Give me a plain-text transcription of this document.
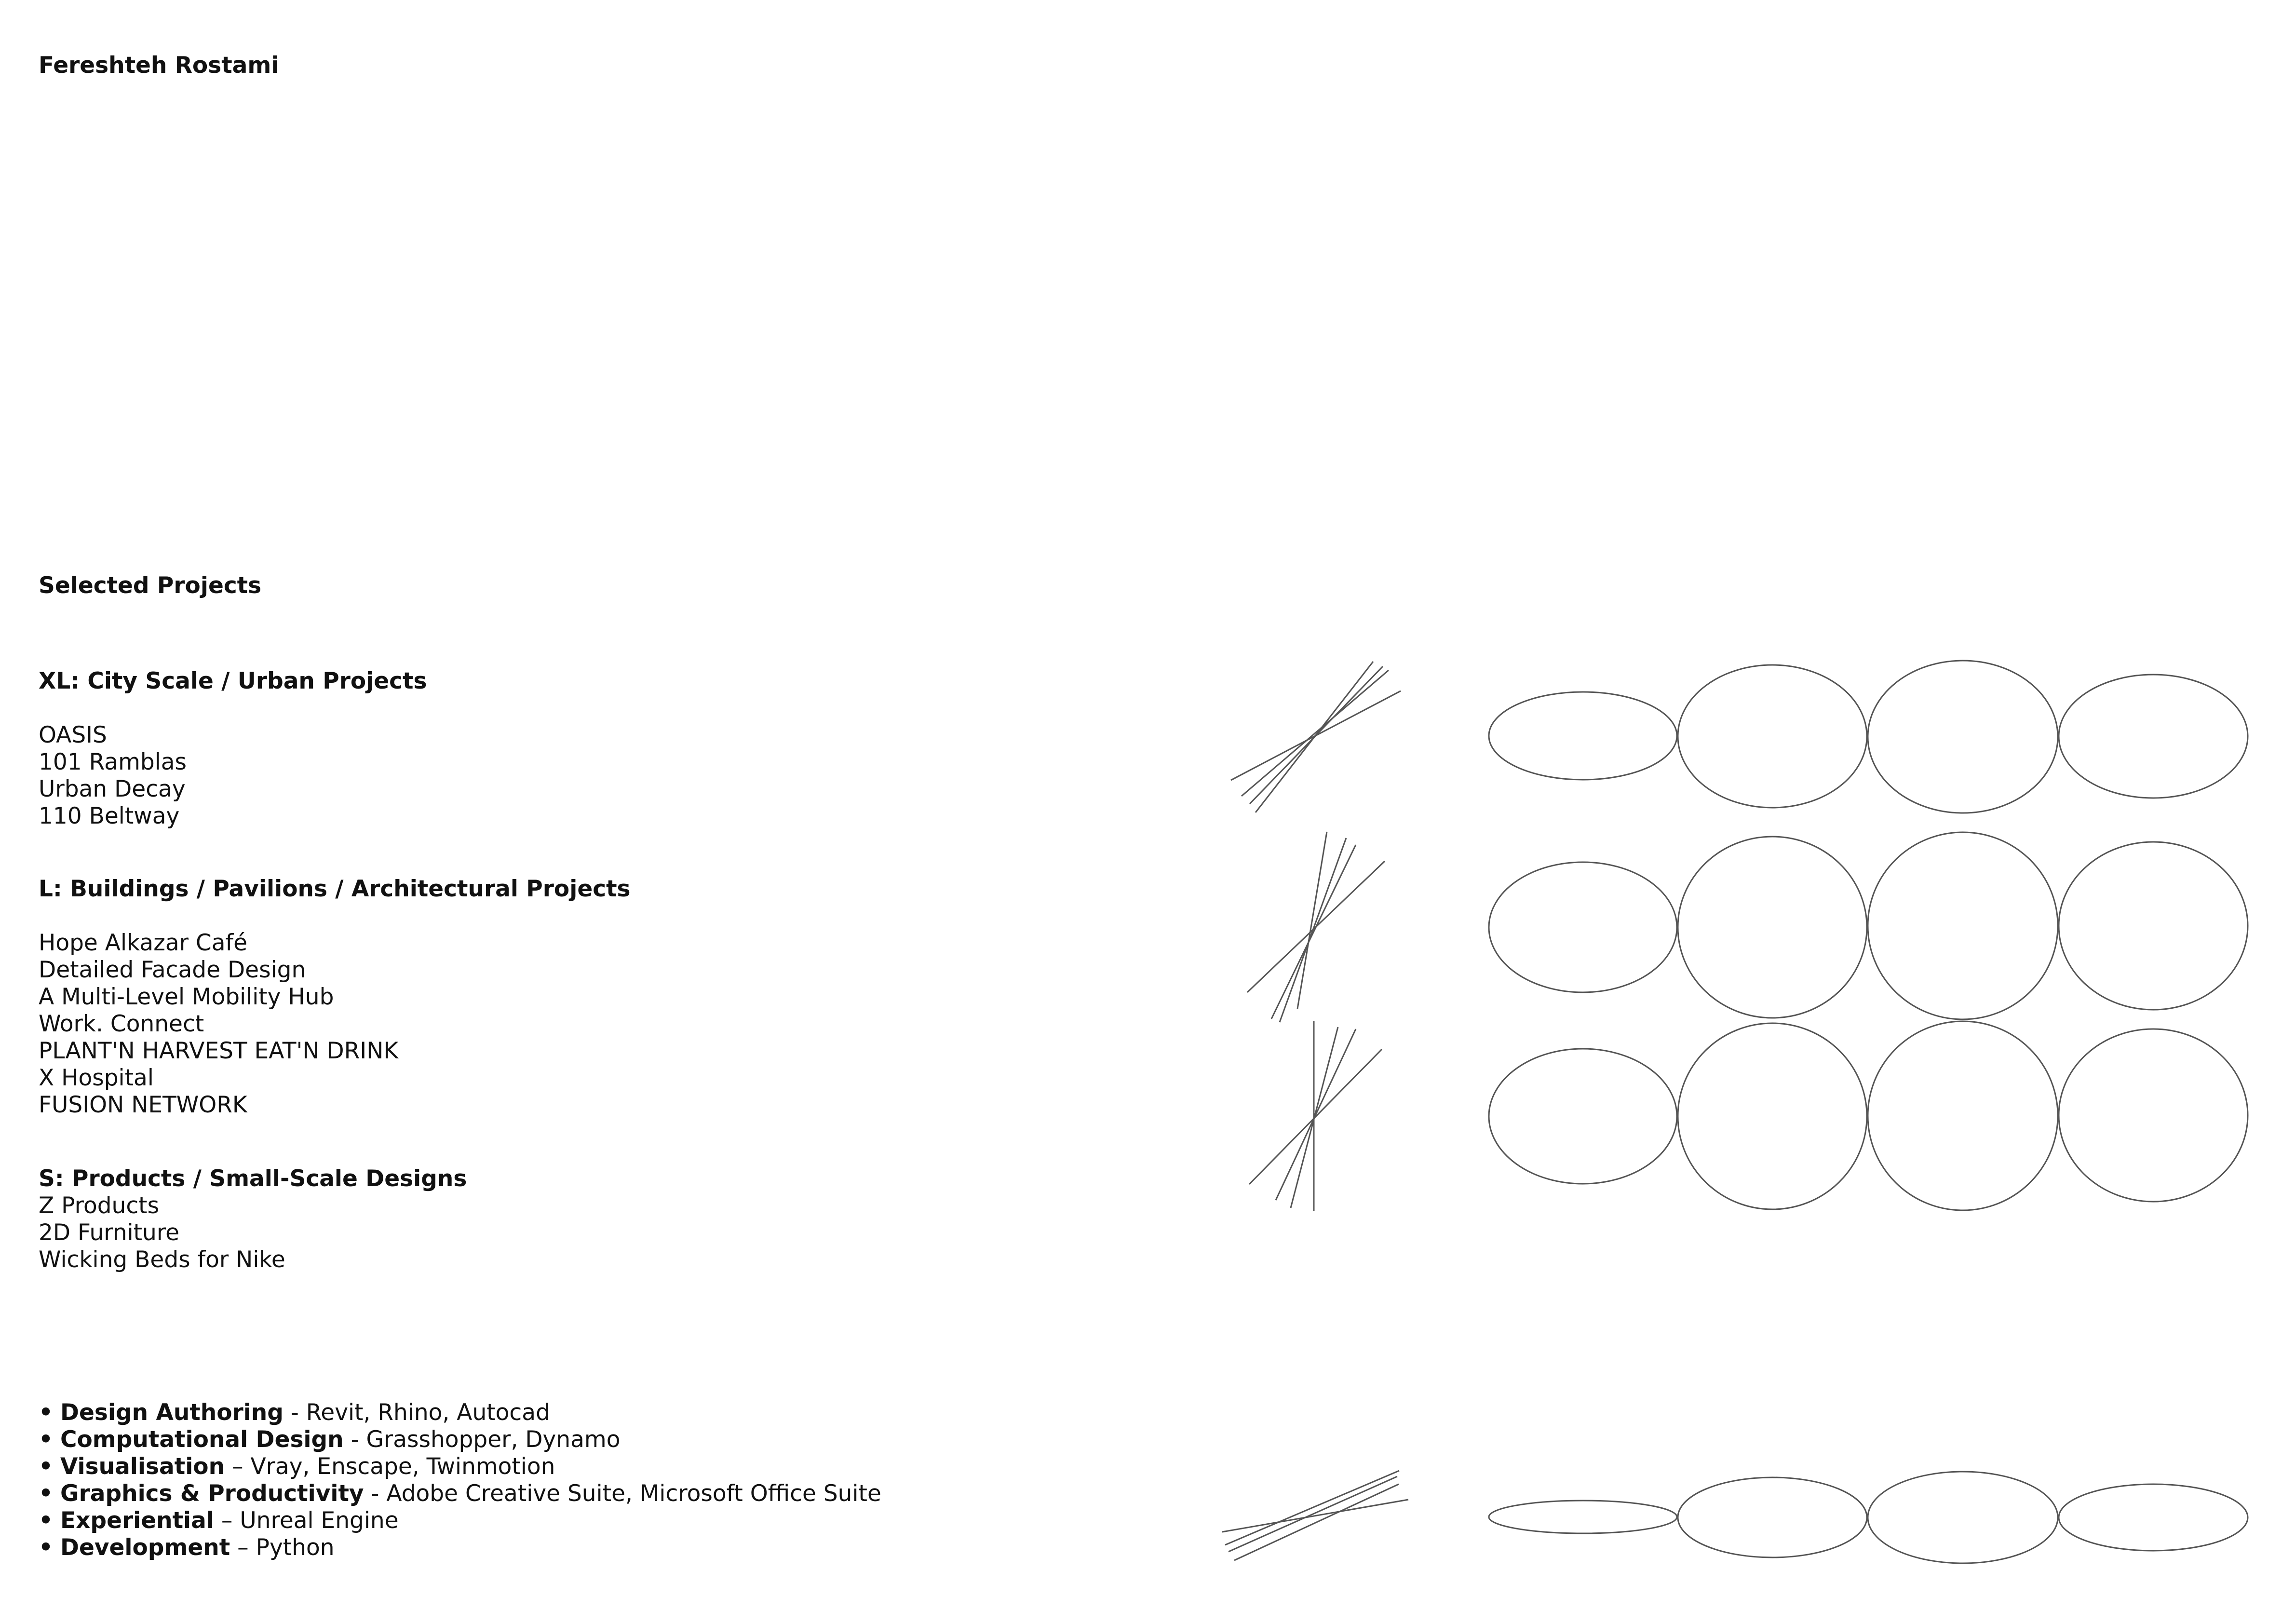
Fereshteh Rostami
Selected Projects
XL: City Scale / Urban Projects
OASIS
101 Ramblas
Urban Decay
110 Beltway
L: Buildings / Pavilions / Architectural Projects
Hope Alkazar Café
Detailed Facade Design
A Multi-Level Mobility Hub
Work. Connect
PLANT'N HARVEST EAT'N DRINK
X Hospital
FUSION NETWORK
S: Products / Small-Scale Designs
Z Products
2D Furniture
Wicking Beds for Nike
• Design Authoring - Revit, Rhino, Autocad
• Computational Design - Grasshopper, Dynamo
• Visualisation – Vray, Enscape, Twinmotion
• Graphics & Productivity - Adobe Creative Suite, Microsoft Office Suite
• Experiential – Unreal Engine
• Development – Python
